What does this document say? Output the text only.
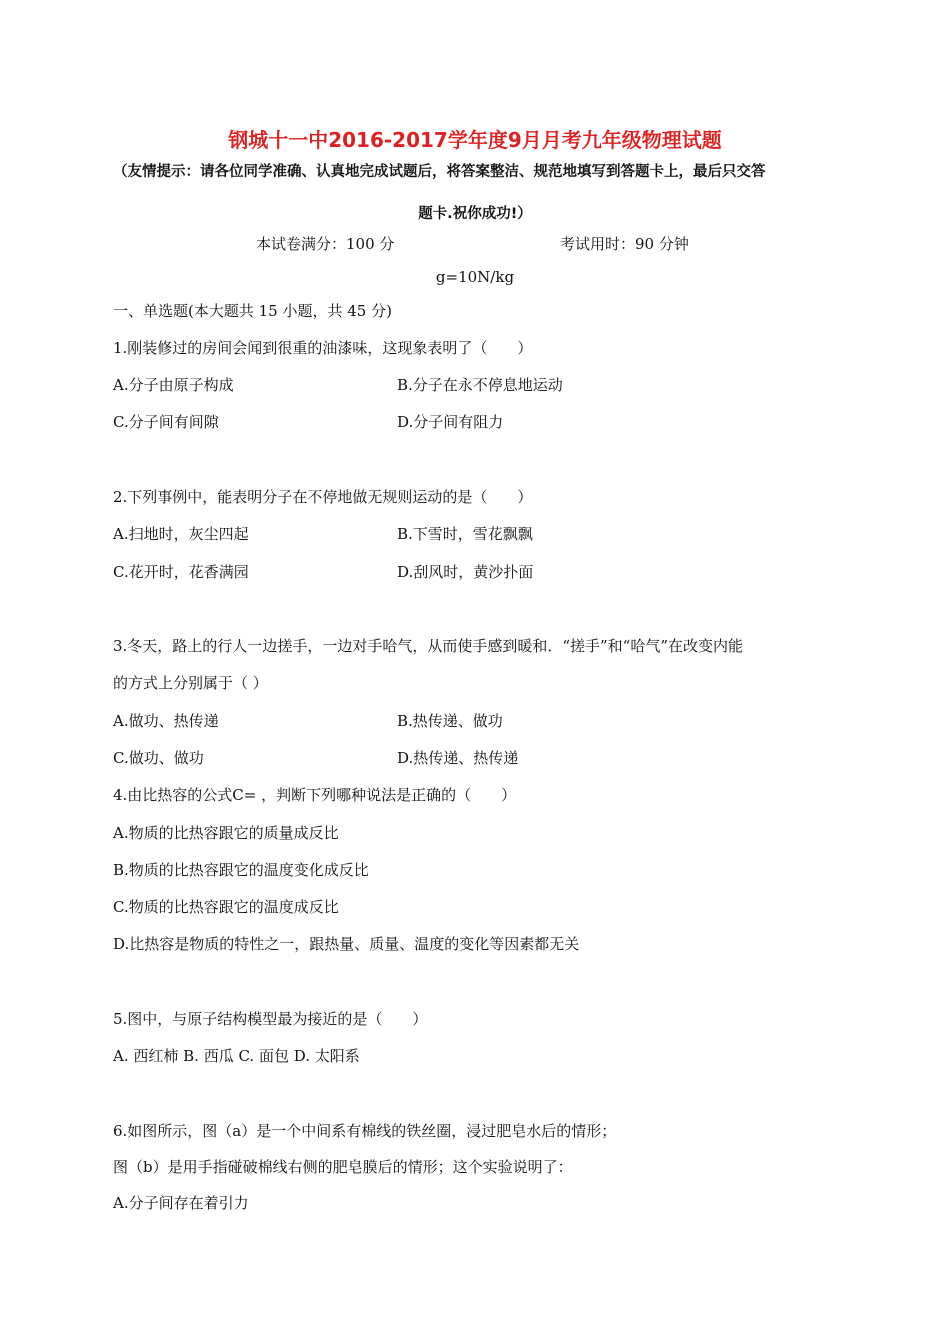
钢城十一中2016-2017学年度9月月考九年级物理试题
（友情提示：请各位同学准确、认真地完成试题后，将答案整洁、规范地填写到答题卡上，最后只交答
题卡.祝你成功!）
本试卷满分：100 分	考试用时：90 分钟
g=10N/kg
一、单选题(本大题共 15 小题，共 45 分)
1.刚装修过的房间会闻到很重的油漆味，这现象表明了（　　）
A.分子由原子构成	B.分子在永不停息地运动
C.分子间有间隙	D.分子间有阻力
2.下列事例中，能表明分子在不停地做无规则运动的是（　　）
A.扫地时，灰尘四起	B.下雪时，雪花飘飘
C.花开时，花香满园	D.刮风时，黄沙扑面
3.冬天，路上的行人一边搓手，一边对手哈气，从而使手感到暖和．“搓手”和“哈气”在改变内能
的方式上分别属于（ ）
A.做功、热传递	B.热传递、做功
C.做功、做功	D.热传递、热传递
4.由比热容的公式C= ，判断下列哪种说法是正确的（　　）
A.物质的比热容跟它的质量成反比
B.物质的比热容跟它的温度变化成反比
C.物质的比热容跟它的温度成反比
D.比热容是物质的特性之一，跟热量、质量、温度的变化等因素都无关
5.图中，与原子结构模型最为接近的是（　　）
A. 西红柿 B. 西瓜 C. 面包 D. 太阳系
6.如图所示，图（a）是一个中间系有棉线的铁丝圈，浸过肥皂水后的情形；
图（b）是用手指碰破棉线右侧的肥皂膜后的情形；这个实验说明了：
A.分子间存在着引力
